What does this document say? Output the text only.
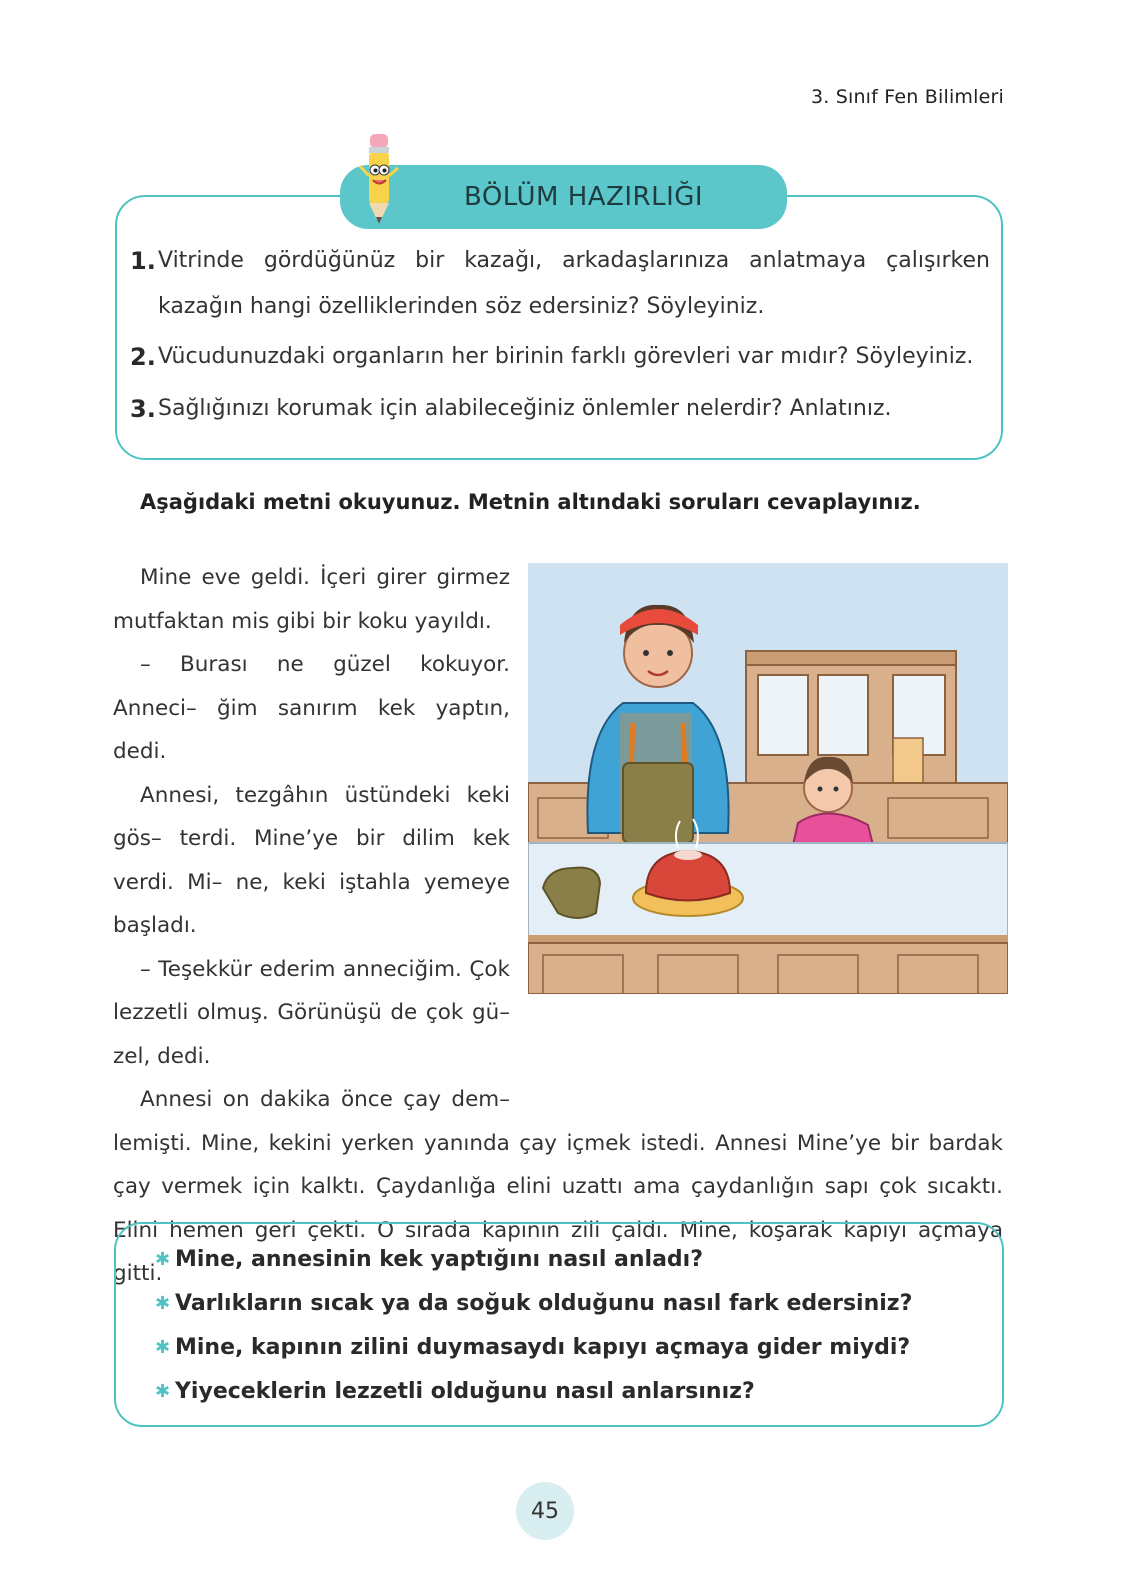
3. Sınıf Fen Bilimleri
BÖLÜM HAZIRLIĞI
1. Vitrinde gördüğünüz bir kazağı, arkadaşlarınıza anlatmaya çalışırken kazağın hangi özelliklerinden söz edersiniz? Söyleyiniz.
2. Vücudunuzdaki organların her birinin farklı görevleri var mıdır? Söyleyiniz.
3. Sağlığınızı korumak için alabileceğiniz önlemler nelerdir? Anlatınız.
Aşağıdaki metni okuyunuz. Metnin altındaki soruları cevaplayınız.

Mine eve geldi. İçeri girer girmez mutfaktan mis gibi bir koku yayıldı.

– Burası ne güzel kokuyor. Anneci– ğim sanırım kek yaptın, dedi.

Annesi, tezgâhın üstündeki keki gös– terdi. Mine’ye bir dilim kek verdi. Mi– ne, keki iştahla yemeye başladı.

– Teşekkür ederim anneciğim. Çok lezzetli olmuş. Görünüşü de çok gü– zel, dedi.

Annesi on dakika önce çay dem–

lemişti. Mine, kekini yerken yanında çay içmek istedi. Annesi Mine’ye bir bardak çay vermek için kalktı. Çaydanlığa elini uzattı ama çaydanlığın sapı çok sıcaktı. Elini hemen geri çekti. O sırada kapının zili çaldı. Mine, koşarak kapıyı açmaya gitti.

✱ Mine, annesinin kek yaptığını nasıl anladı?
✱ Varlıkların sıcak ya da soğuk olduğunu nasıl fark edersiniz?
✱ Mine, kapının zilini duymasaydı kapıyı açmaya gider miydi?
✱ Yiyeceklerin lezzetli olduğunu nasıl anlarsınız?
45
